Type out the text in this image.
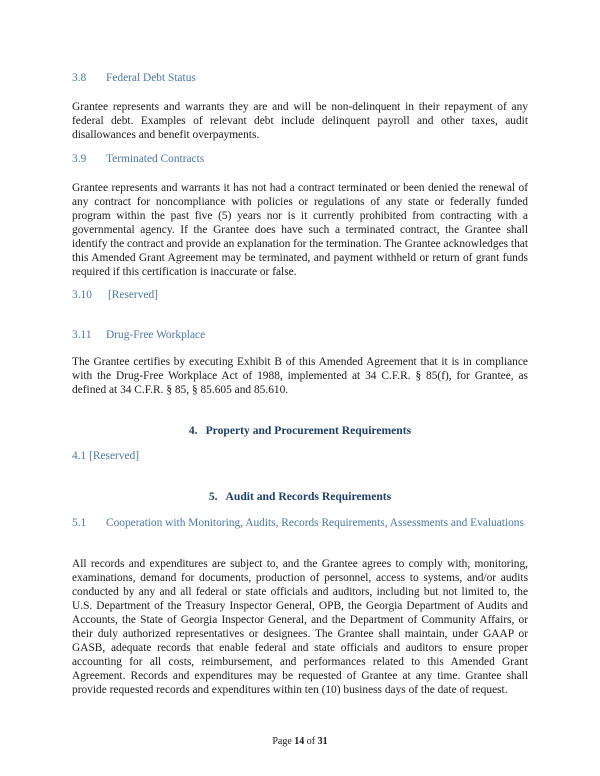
3.8 Federal Debt Status
Grantee represents and warrants they are and will be non-delinquent in their repayment of any federal debt. Examples of relevant debt include delinquent payroll and other taxes, audit disallowances and benefit overpayments.
3.9 Terminated Contracts
Grantee represents and warrants it has not had a contract terminated or been denied the renewal of any contract for noncompliance with policies or regulations of any state or federally funded program within the past five (5) years nor is it currently prohibited from contracting with a governmental agency. If the Grantee does have such a terminated contract, the Grantee shall identify the contract and provide an explanation for the termination. The Grantee acknowledges that this Amended Grant Agreement may be terminated, and payment withheld or return of grant funds required if this certification is inaccurate or false.
3.10 [Reserved]
3.11 Drug-Free Workplace
The Grantee certifies by executing Exhibit B of this Amended Agreement that it is in compliance with the Drug-Free Workplace Act of 1988, implemented at 34 C.F.R. § 85(f), for Grantee, as defined at 34 C.F.R. § 85, § 85.605 and 85.610.
4. Property and Procurement Requirements
4.1 [Reserved]
5. Audit and Records Requirements
5.1 Cooperation with Monitoring, Audits, Records Requirements, Assessments and Evaluations
All records and expenditures are subject to, and the Grantee agrees to comply with, monitoring, examinations, demand for documents, production of personnel, access to systems, and/or audits conducted by any and all federal or state officials and auditors, including but not limited to, the U.S. Department of the Treasury Inspector General, OPB, the Georgia Department of Audits and Accounts, the State of Georgia Inspector General, and the Department of Community Affairs, or their duly authorized representatives or designees. The Grantee shall maintain, under GAAP or GASB, adequate records that enable federal and state officials and auditors to ensure proper accounting for all costs, reimbursement, and performances related to this Amended Grant Agreement. Records and expenditures may be requested of Grantee at any time. Grantee shall provide requested records and expenditures within ten (10) business days of the date of request.
Page 14 of 31
